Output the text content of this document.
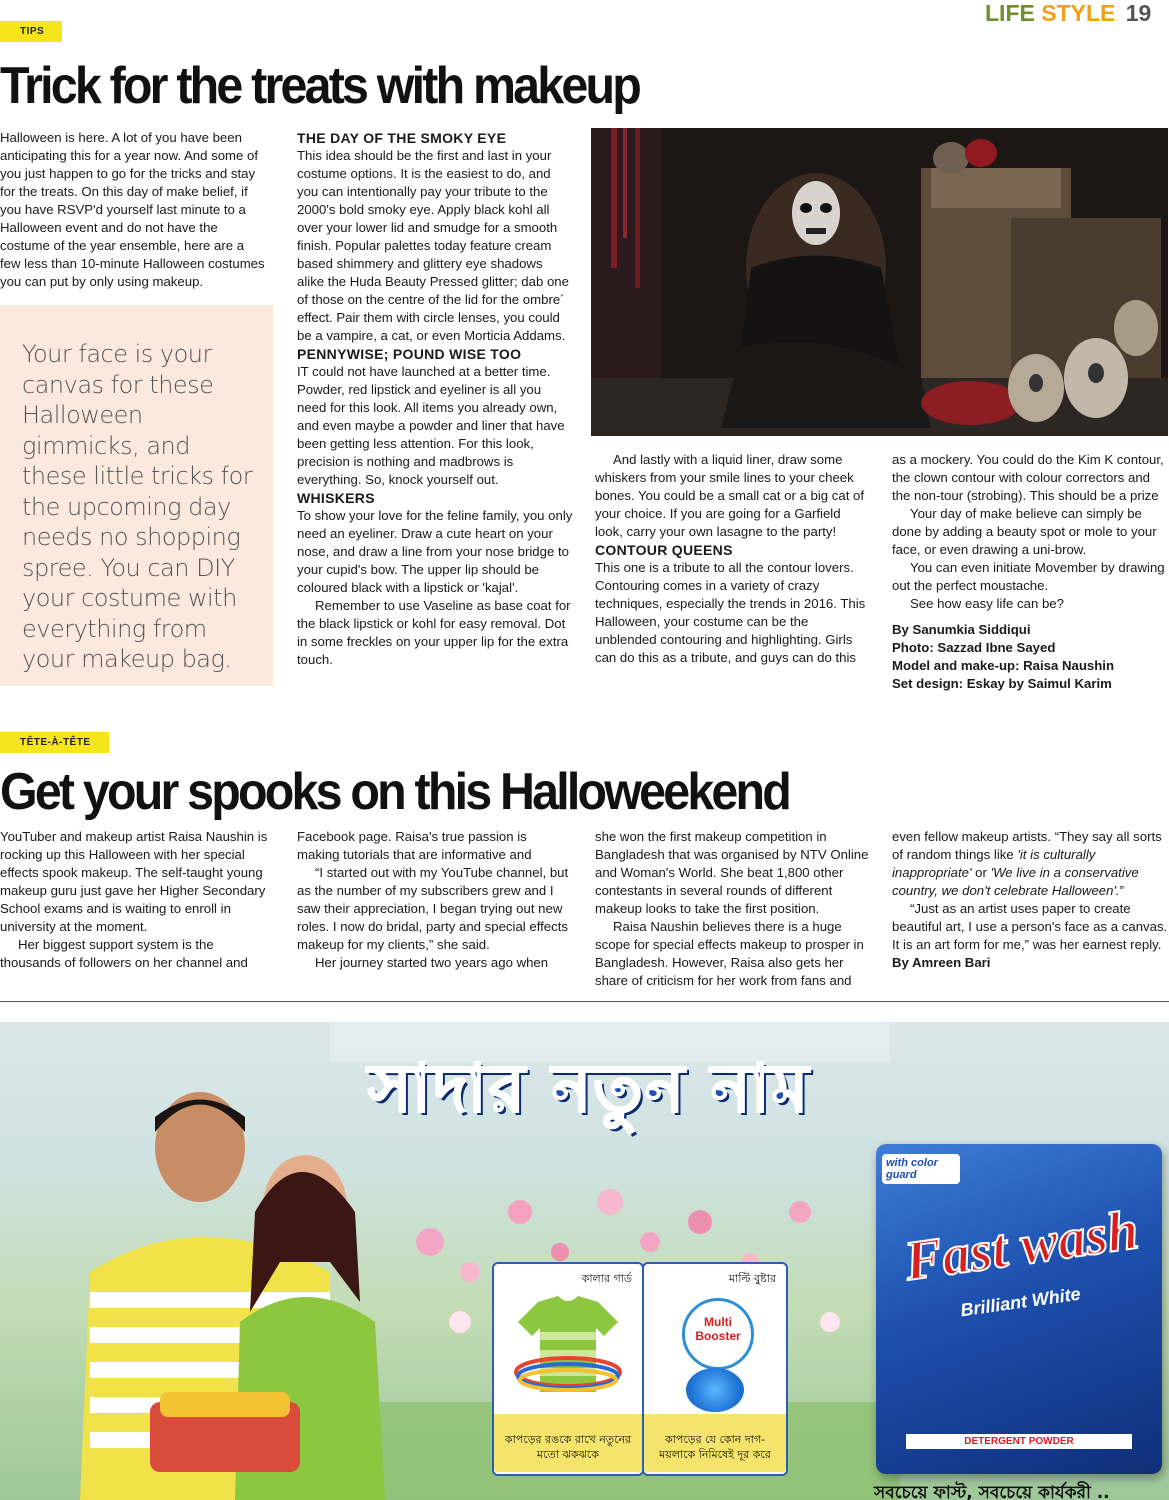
LIFE STYLE 19
TIPS
Trick for the treats with makeup

Halloween is here. A lot of you have been anticipating this for a year now. And some of you just happen to go for the tricks and stay for the treats. On this day of make belief, if you have RSVP'd yourself last minute to a Halloween event and do not have the costume of the year ensemble, here are a few less than 10-minute Halloween costumes you can put by only using makeup.

Your face is your canvas for these Halloween gimmicks, and these little tricks for the upcoming day needs no shopping spree. You can DIY your costume with everything from your makeup bag.

THE DAY OF THE SMOKY EYE

This idea should be the first and last in your costume options. It is the easiest to do, and you can intentionally pay your tribute to the 2000's bold smoky eye. Apply black kohl all over your lower lid and smudge for a smooth finish. Popular palettes today feature cream based shimmery and glittery eye shadows alike the Huda Beauty Pressed glitter; dab one of those on the centre of the lid for the ombre´ effect. Pair them with circle lenses, you could be a vampire, a cat, or even Morticia Addams.

PENNYWISE; POUND WISE TOO

IT could not have launched at a better time. Powder, red lipstick and eyeliner is all you need for this look. All items you already own, and even maybe a powder and liner that have been getting less attention. For this look, precision is nothing and madbrows is everything. So, knock yourself out.

WHISKERS

To show your love for the feline family, you only need an eyeliner. Draw a cute heart on your nose, and draw a line from your nose bridge to your cupid's bow. The upper lip should be coloured black with a lipstick or 'kajal'.

Remember to use Vaseline as base coat for the black lipstick or kohl for easy removal. Dot in some freckles on your upper lip for the extra touch.

And lastly with a liquid liner, draw some whiskers from your smile lines to your cheek bones. You could be a small cat or a big cat of your choice. If you are going for a Garfield look, carry your own lasagne to the party!

CONTOUR QUEENS

This one is a tribute to all the contour lovers. Contouring comes in a variety of crazy techniques, especially the trends in 2016. This Halloween, your costume can be the unblended contouring and highlighting. Girls can do this as a tribute, and guys can do this

as a mockery. You could do the Kim K contour, the clown contour with colour correctors and the non-tour (strobing). This should be a prize

Your day of make believe can simply be done by adding a beauty spot or mole to your face, or even drawing a uni-brow.

You can even initiate Movember by drawing out the perfect moustache.

See how easy life can be?

By Sanumkia Siddiqui

Photo: Sazzad Ibne Sayed

Model and make-up: Raisa Naushin

Set design: Eskay by Saimul Karim

TÊTE-À-TÊTE
Get your spooks on this Halloweekend

YouTuber and makeup artist Raisa Naushin is rocking up this Halloween with her special effects spook makeup. The self-taught young makeup guru just gave her Higher Secondary School exams and is waiting to enroll in university at the moment.

Her biggest support system is the thousands of followers on her channel and

Facebook page. Raisa's true passion is making tutorials that are informative and

“I started out with my YouTube channel, but as the number of my subscribers grew and I saw their appreciation, I began trying out new roles. I now do bridal, party and special effects makeup for my clients,” she said.

Her journey started two years ago when

she won the first makeup competition in Bangladesh that was organised by NTV Online and Woman's World. She beat 1,800 other contestants in several rounds of different makeup looks to take the first position.

Raisa Naushin believes there is a huge scope for special effects makeup to prosper in Bangladesh. However, Raisa also gets her share of criticism for her work from fans and

even fellow makeup artists. “They say all sorts of random things like 'it is culturally inappropriate' or 'We live in a conservative country, we don't celebrate Halloween'.”

“Just as an artist uses paper to create beautiful art, I use a person's face as a canvas. It is an art form for me,” was her earnest reply.

By Amreen Bari

সাদার নতুন নাম
কালার গার্ড
কাপড়ের রঙকে রাখে নতুনের মতো ঝকঝকে
মাল্টি বুষ্টার
Multi Booster
কাপড়ের যে কোন দাগ-ময়লাকে নিমিষেই দূর করে
with color guard
Fast wash
Brilliant White
DETERGENT POWDER
সবচেয়ে ফাস্ট, সবচেয়ে কার্যকরী ..
